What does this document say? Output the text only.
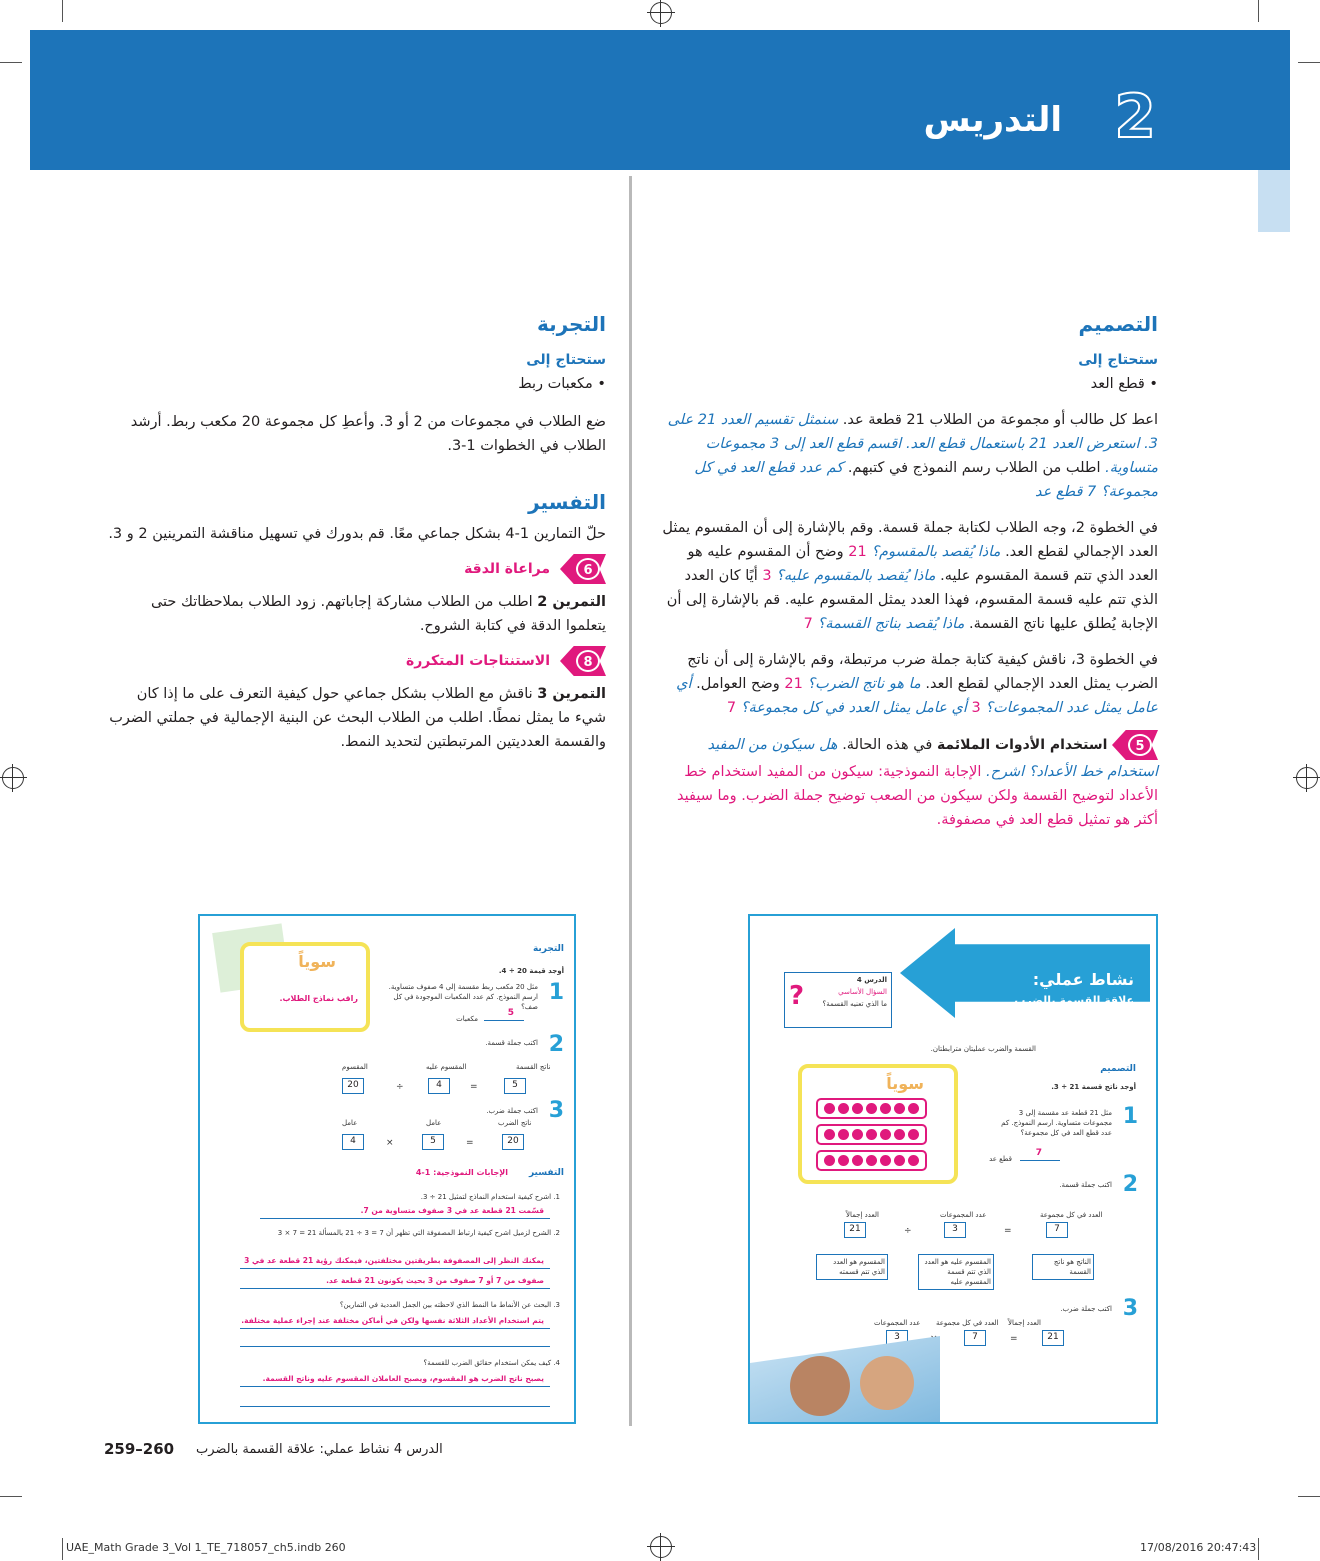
2
التدريس
التصميم
ستحتاج إلى
• قطع العد

اعط كل طالب أو مجموعة من الطلاب 21 قطعة عد. سنمثل تقسيم العدد 21 على 3. استعرض العدد 21 باستعمال قطع العد. اقسم قطع العد إلى 3 مجموعات متساوية. اطلب من الطلاب رسم النموذج في كتبهم. كم عدد قطع العد في كل مجموعة؟ 7 قطع عد

في الخطوة 2، وجه الطلاب لكتابة جملة قسمة. وقم بالإشارة إلى أن المقسوم يمثل العدد الإجمالي لقطع العد. ماذا يُقصد بالمقسوم؟ 21 وضح أن المقسوم عليه هو العدد الذي تتم قسمة المقسوم عليه. ماذا يُقصد بالمقسوم عليه؟ 3 أيًا كان العدد الذي تتم عليه قسمة المقسوم، فهذا العدد يمثل المقسوم عليه. قم بالإشارة إلى أن الإجابة يُطلق عليها ناتج القسمة. ماذا يُقصد بناتج القسمة؟ 7

في الخطوة 3، ناقش كيفية كتابة جملة ضرب مرتبطة، وقم بالإشارة إلى أن ناتج الضرب يمثل العدد الإجمالي لقطع العد. ما هو ناتج الضرب؟ 21 وضح العوامل. أي عامل يمثل عدد المجموعات؟ 3 أي عامل يمثل العدد في كل مجموعة؟ 7

5
استخدام الأدوات الملائمة في هذه الحالة. هل سيكون من المفيد استخدام خط الأعداد؟ اشرح. الإجابة النموذجية: سيكون من المفيد استخدام خط الأعداد لتوضيح القسمة ولكن سيكون من الصعب توضيح جملة الضرب. وما سيفيد أكثر هو تمثيل قطع العد في مصفوفة.

التجربة
ستحتاج إلى
• مكعبات ربط

ضع الطلاب في مجموعات من 2 أو 3. وأعطِ كل مجموعة 20 مكعب ربط. أرشد الطلاب في الخطوات 1-3.

التفسير

حلّ التمارين 1-4 بشكل جماعي معًا. قم بدورك في تسهيل مناقشة التمرينين 2 و 3.

6
مراعاة الدقة

التمرين 2 اطلب من الطلاب مشاركة إجاباتهم. زود الطلاب بملاحظاتك حتى يتعلموا الدقة في كتابة الشروح.

8
الاستنتاجات المتكررة

التمرين 3 ناقش مع الطلاب بشكل جماعي حول كيفية التعرف على ما إذا كان شيء ما يمثل نمطًا. اطلب من الطلاب البحث عن البنية الإجمالية في جملتي الضرب والقسمة العدديتين المرتبطتين لتحديد النمط.

سوياً
راقب نماذج الطلاب.
التجربة
أوجد قيمة 20 ÷ 4.
1
مثل 20 مكعب ربط مقسمة إلى 4 صفوف متساوية. ارسم النموذج. كم عدد المكعبات الموجودة في كل صف؟
5
مكعبات
2
اكتب جملة قسمة.
ناتج القسمة
المقسوم عليه
المقسوم
20	÷	4	=	5
3
اكتب جملة ضرب.
ناتج الضرب
عامل
عامل
4	×	5	=	20
التفسير
الإجابات النموذجية: 1-4
1. اشرح كيفية استخدام النماذج لتمثيل 21 ÷ 3.
قسّمت 21 قطعة عد في 3 صفوف متساوية من 7.
2. الشرح لزميل اشرح كيفية ارتباط المصفوفة التي تظهر أن 7 = 3 ÷ 21 بالمسألة 21 = 7 × 3
يمكنك النظر إلى المصفوفة بطريقتين مختلفتين، فيمكنك رؤية 21 قطعة عد في 3
صفوف من 7 أو 7 صفوف من 3 بحيث يكونون 21 قطعة عد.
3. البحث عن الأنماط ما النمط الذي لاحظته بين الجمل العددية في التمارين؟
يتم استخدام الأعداد الثلاثة نفسها ولكن في أماكن مختلفة عند إجراء عملية مختلفة.
4. كيف يمكن استخدام حقائق الضرب للقسمة؟
يصبح ناتج الضرب هو المقسوم، ويصبح العاملان المقسوم عليه وناتج القسمة.
نشاط عملي:
علاقة القسمة بالضرب
الدرس 4
السؤال الأساسي
ما الذي تعنيه القسمة؟
?
القسمة والضرب عمليتان مترابطتان.
التصميم
أوجد ناتج قسمة 21 ÷ 3.
سوياً
1
مثل 21 قطعة عد مقسمة إلى 3 مجموعات متساوية. ارسم النموذج. كم عدد قطع العد في كل مجموعة؟
7
قطع عد
2
اكتب جملة قسمة.
العدد في كل مجموعة
عدد المجموعات
العدد إجمالاً
21	÷	3	=	7
المقسوم هو العدد الذي تتم قسمته
المقسوم عليه هو العدد الذي تتم قسمة المقسوم عليه
الناتج هو ناتج القسمة
3
اكتب جملة ضرب.
العدد إجمالاً
العدد في كل مجموعة
عدد المجموعات
3	7	=	21
259–260 الدرس 4 نشاط عملي: علاقة القسمة بالضرب
UAE_Math Grade 3_Vol 1_TE_718057_ch5.indb 260	17/08/2016 20:47:43
